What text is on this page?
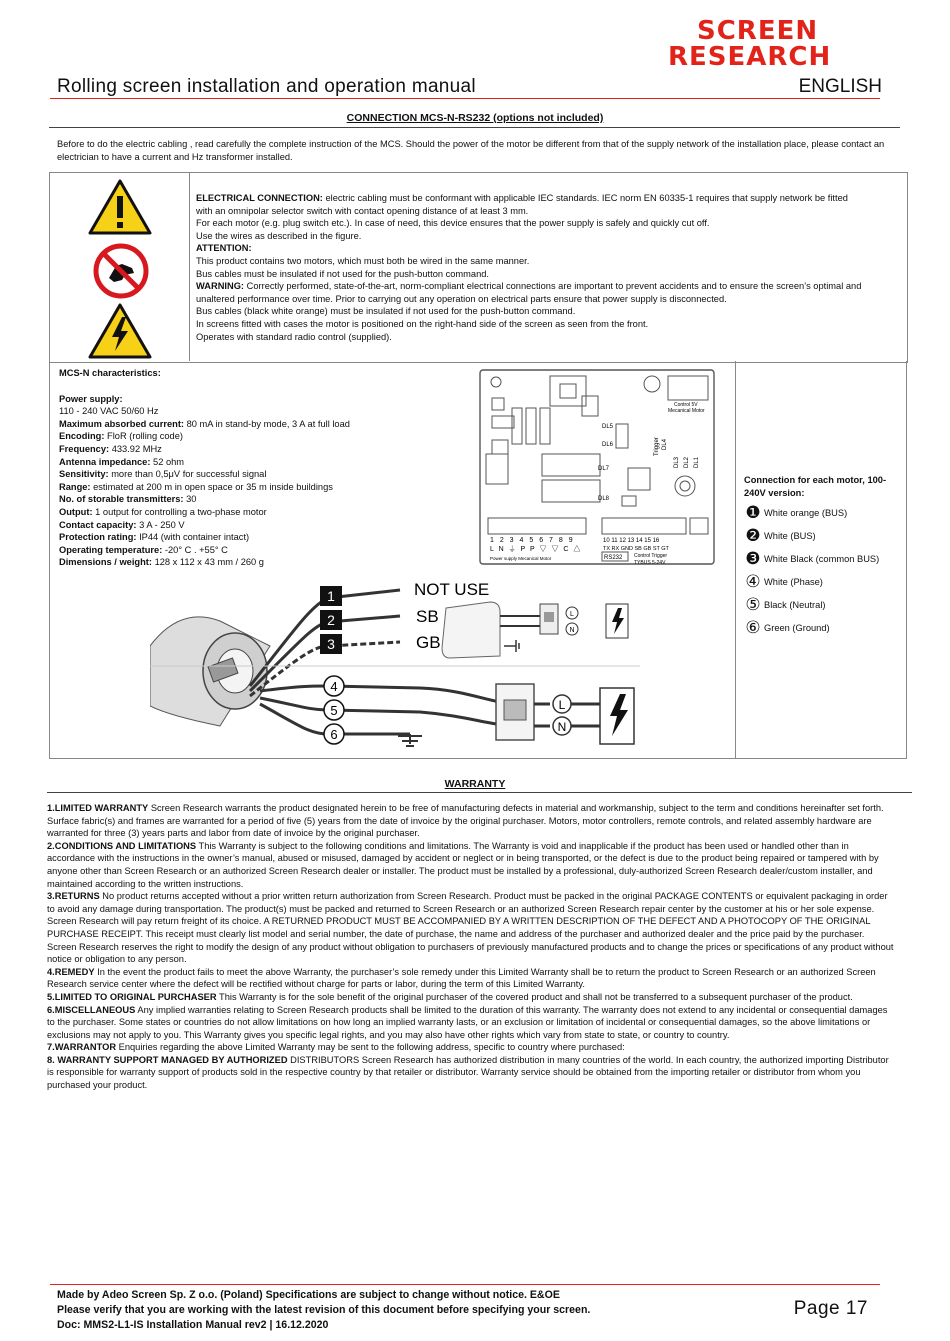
SCREEN
RESEARCH
ENGLISH
Rolling screen installation and operation manual
CONNECTION MCS-N-RS232 (options not included)

Before to do the electric cabling , read carefully the complete instruction of the MCS. Should the power of the motor be different from that of the supply network of the installation place, please contact an electrician to have a current and Hz transformer installed.

ELECTRICAL CONNECTION: electric cabling must be conformant with applicable IEC standards. IEC norm EN 60335-1 requires that supply network be fitted with an omnipolar selector switch with contact opening distance of at least 3 mm.

For each motor (e.g. plug switch etc.). In case of need, this device ensures that the power supply is safely and quickly cut off.

Use the wires as described in the figure.

ATTENTION:

This product contains two motors, which must both be wired in the same manner.

Bus cables must be insulated if not used for the push-button command.

WARNING: Correctly performed, state-of-the-art, norm-compliant electrical connections are important to prevent accidents and to ensure the screen’s optimal and unaltered performance over time. Prior to carrying out any operation on electrical parts ensure that power supply is disconnected.

Bus cables (black white orange) must be insulated if not used for the push-button command.

In screens fitted with cases the motor is positioned on the right-hand side of the screen as seen from the front.

Operates with standard radio control (supplied).

MCS-N characteristics:

Power supply:

110 - 240 VAC 50/60 Hz

Maximum absorbed current: 80 mA in stand-by mode, 3 A at full load

Encoding: FloR (rolling code)

Frequency: 433.92 MHz

Antenna impedance: 52 ohm

Sensitivity: more than 0,5μV for successful signal

Range: estimated at 200 m in open space or 35 m inside buildings

No. of storable transmitters: 30

Output: 1 output for controlling a two-phase motor

Contact capacity: 3 A - 250 V

Protection rating: IP44 (with container intact)

Operating temperature: -20° C . +55° C

Dimensions / weight: 128 x 112 x 43 mm / 260 g

Control 5V
Mecanical Motor
DL5
DL6	Trigger DL4
DL3 DL2 DL1
DL7
DL8
1 2 3 4 5 6 7 8 9
L N ⏚ P P ▽ ▽ C △
Power supply Mecanical Motor
10 11 12 13 14 15 16
TX RX GND SB GB ST GT
RS232 Control Trigger
TYBUS 5-24V
1
2
3
4
5
6
NOT USE
SB
GB
L
N
L
N

Connection for each motor, 100-240V version:

❶ White orange (BUS)
❷ White (BUS)
❸ White Black (common BUS)
④ White (Phase)
⑤ Black (Neutral)
⑥ Green (Ground)
WARRANTY

1.LIMITED WARRANTY Screen Research warrants the product designated herein to be free of manufacturing defects in material and workmanship, subject to the term and conditions hereinafter set forth. Surface fabric(s) and frames are warranted for a period of five (5) years from the date of invoice by the original purchaser. Motors, motor controllers, remote controls, and related assembly hardware are warranted for three (3) years parts and labor from date of invoice by the original purchaser.

2.CONDITIONS AND LIMITATIONS This Warranty is subject to the following conditions and limitations. The Warranty is void and inapplicable if the product has been used or handled other than in accordance with the instructions in the owner’s manual, abused or misused, damaged by accident or neglect or in being transported, or the defect is due to the product being repaired or tampered with by anyone other than Screen Research or an authorized Screen Research dealer or installer. The product must be installed by a professional, duly-authorized Screen Research dealer/custom installer, and maintained according to the written instructions.

3.RETURNS No product returns accepted without a prior written return authorization from Screen Research. Product must be packed in the original PACKAGE CONTENTS or equivalent packaging in order to avoid any damage during transportation. The product(s) must be packed and returned to Screen Research or an authorized Screen Research repair center by the customer at his or her sole expense. Screen Research will pay return freight of its choice. A RETURNED PRODUCT MUST BE ACCOMPANIED BY A WRITTEN DESCRIPTION OF THE DEFECT AND A PHOTOCOPY OF THE ORIGINAL PURCHASE RECEIPT. This receipt must clearly list model and serial number, the date of purchase, the name and address of the purchaser and authorized dealer and the price paid by the purchaser. Screen Research reserves the right to modify the design of any product without obligation to purchasers of previously manufactured products and to change the prices or specifications of any product without notice or obligation to any person.

4.REMEDY In the event the product fails to meet the above Warranty, the purchaser’s sole remedy under this Limited Warranty shall be to return the product to Screen Research or an authorized Screen Research service center where the defect will be rectified without charge for parts or labor, during the term of this Limited Warranty.

5.LIMITED TO ORIGINAL PURCHASER This Warranty is for the sole benefit of the original purchaser of the covered product and shall not be transferred to a subsequent purchaser of the product.

6.MISCELLANEOUS Any implied warranties relating to Screen Research products shall be limited to the duration of this warranty. The warranty does not extend to any incidental or consequential damages to the purchaser. Some states or countries do not allow limitations on how long an implied warranty lasts, or an exclusion or limitation of incidental or consequential damages, so the above limitations or exclusions may not apply to you. This Warranty gives you specific legal rights, and you may also have other rights which vary from state to state, or country to country.

7.WARRANTOR Enquiries regarding the above Limited Warranty may be sent to the following address, specific to country where purchased:

8. WARRANTY SUPPORT MANAGED BY AUTHORIZED DISTRIBUTORS Screen Research has authorized distribution in many countries of the world. In each country, the authorized importing Distributor is responsible for warranty support of products sold in the respective country by that retailer or distributor. Warranty service should be obtained from the importing retailer or distributor from whom you purchased your product.

Made by Adeo Screen Sp. Z o.o. (Poland) Specifications are subject to change without notice. E&OE
Please verify that you are working with the latest revision of this document before specifying your screen.
Doc: MMS2-L1-IS Installation Manual rev2 | 16.12.2020
Page 17
